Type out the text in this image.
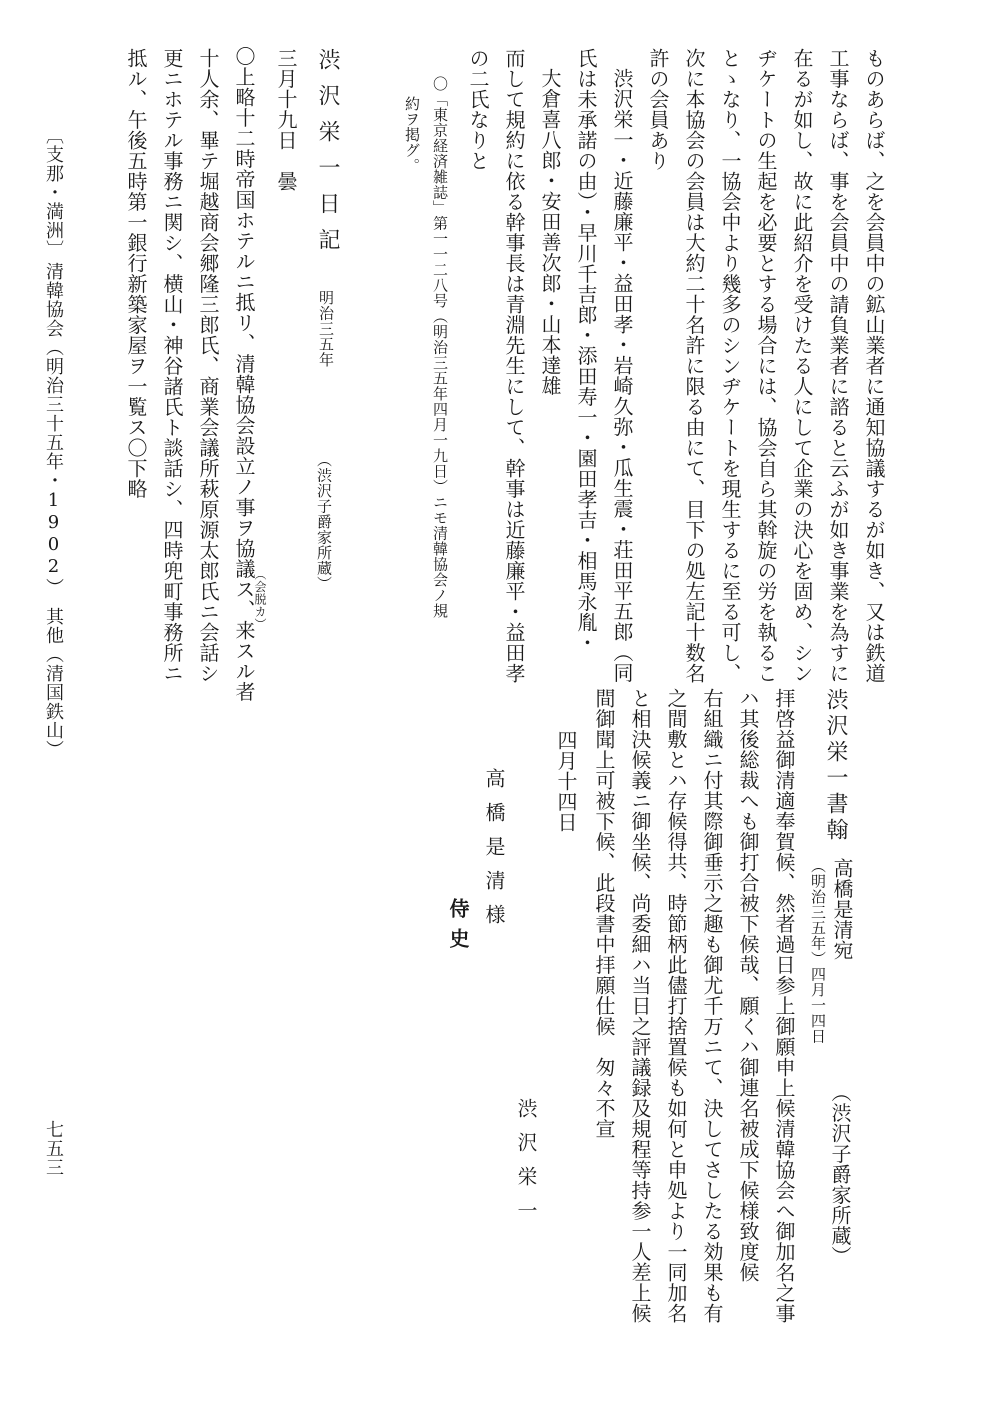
ものあらば、之を会員中の鉱山業者に通知協議するが如き、又は鉄道
工事ならば、事を会員中の請負業者に諮ると云ふが如き事業を為すに
在るが如し、故に此紹介を受けたる人にして企業の決心を固め、シン
ヂケートの生起を必要とする場合には、協会自ら其斡旋の労を執るこ
とゝなり、一協会中より幾多のシンヂケートを現生するに至る可し、
次に本協会の会員は大約二十名許に限る由にて、目下の処左記十数名
許の会員あり
渋沢栄一・近藤廉平・益田孝・岩崎久弥・瓜生震・荘田平五郎（同
氏は未承諾の由）・早川千吉郎・添田寿一・園田孝吉・相馬永胤・
大倉喜八郎・安田善次郎・山本達雄
而して規約に依る幹事長は青淵先生にして、幹事は近藤廉平・益田孝
の二氏なりと
〇「東京経済雑誌」第一一二八号（明治三五年四月一九日）ニモ清韓協会ノ規
約ヲ掲グ。
渋沢栄一日記
明治三五年
（渋沢子爵家所蔵）
三月十九日　曇
（会脱カ）
〇上略十二時帝国ホテルニ抵リ、清韓協会設立ノ事ヲ協議ス、来スル者
十人余、畢テ堀越商会郷隆三郎氏、商業会議所萩原源太郎氏ニ会話シ
更ニホテル事務ニ関シ、横山・神谷諸氏ト談話シ、四時兜町事務所ニ
抵ル、午後五時第一銀行新築家屋ヲ一覧ス〇下略
渋沢栄一書翰
高橋是清宛
（明治三五年）四月一四日
（渋沢子爵家所蔵）
拝啓益御清適奉賀候、然者過日参上御願申上候清韓協会へ御加名之事
ハ其後総裁へも御打合被下候哉、願くハ御連名被成下候様致度候
右組織ニ付其際御垂示之趣も御尤千万ニて、決してさしたる効果も有
之間敷とハ存候得共、時節柄此儘打捨置候も如何と申処より一同加名
と相決候義ニ御坐候、尚委細ハ当日之評議録及規程等持参一人差上候
間御聞上可被下候、此段書中拝願仕候　匆々不宣
四月十四日
渋沢栄一
高橋是清様
侍史
〔支那・満洲〕
清韓協会（明治三十五年・1902）　其他（清国鉄山）
七五三
